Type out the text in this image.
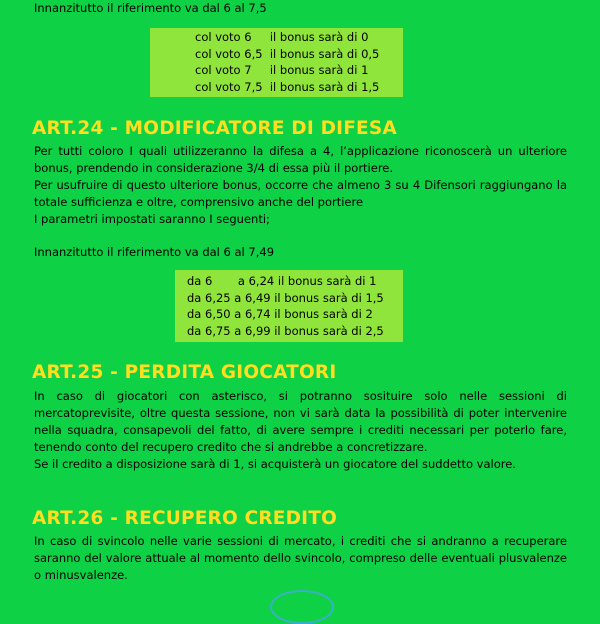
Innanzitutto il riferimento va dal 6 al 7,5
col voto 6     il bonus sarà di 0
col voto 6,5  il bonus sarà di 0,5
col voto 7     il bonus sarà di 1
col voto 7,5  il bonus sarà di 1,5
ART.24 - MODIFICATORE DI DIFESA

Per tutti coloro I quali utilizzeranno la difesa a 4, l’applicazione riconoscerà un ulteriore bonus, prendendo in considerazione 3/4 di essa più il portiere.

Per usufruire di questo ulteriore bonus, occorre che almeno 3 su 4 Difensori raggiungano la totale sufficienza e oltre, comprensivo anche del portiere

I parametri impostati saranno I seguenti;

Innanzitutto il riferimento va dal 6 al 7,49
da 6       a 6,24 il bonus sarà di 1
da 6,25 a 6,49 il bonus sarà di 1,5
da 6,50 a 6,74 il bonus sarà di 2
da 6,75 a 6,99 il bonus sarà di 2,5
ART.25 - PERDITA GIOCATORI

In caso di giocatori con asterisco, si potranno sosituire solo nelle sessioni di mercatoprevisite, oltre questa sessione, non vi sarà data la possibilità di poter intervenire nella squadra, consapevoli del fatto, di avere sempre i crediti necessari per poterlo fare, tenendo conto del recupero credito che si andrebbe a concretizzare.

Se il credito a disposizione sarà di 1, si acquisterà un giocatore del suddetto valore.

ART.26 - RECUPERO CREDITO

In caso di svincolo nelle varie sessioni di mercato, i crediti che si andranno a recuperare saranno del valore attuale al momento dello svincolo, compreso delle eventuali plusvalenze o minusvalenze.
